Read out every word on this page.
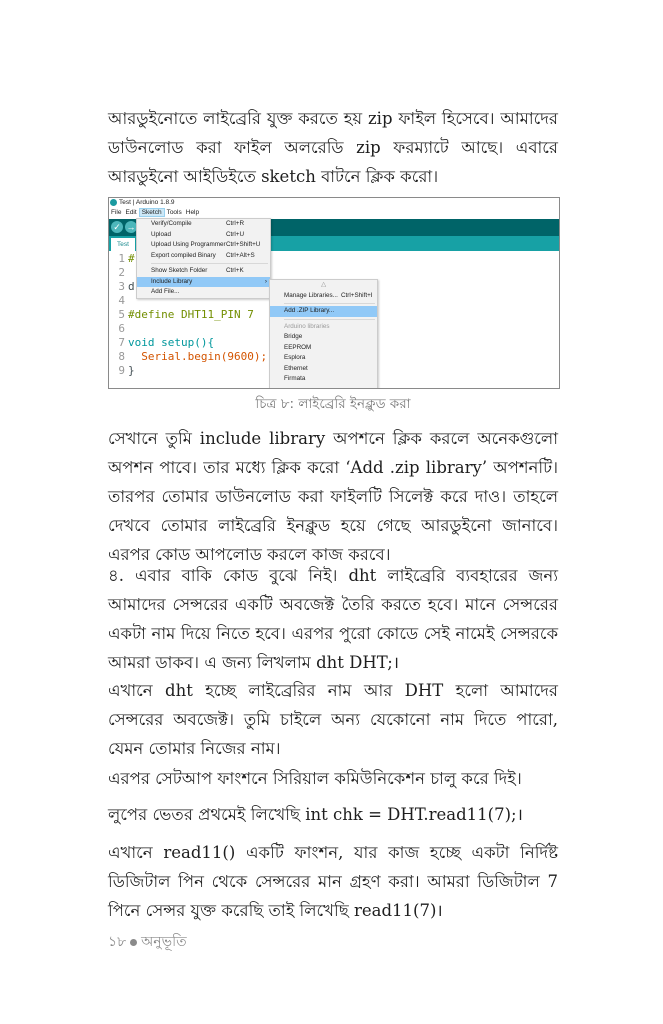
আরডুইনোতে লাইব্রেরি যুক্ত করতে হয় zip ফাইল হিসেবে। আমাদের ডাউনলোড করা ফাইল অলরেডি zip ফরম্যাটে আছে। এবারে আরডুইনো আইডিইতে sketch বাটনে ক্লিক করো।

Test | Arduino 1.8.9
File Edit Sketch Tools Help
✓ →
Test
1 #
2
3 d
4
5 #define DHT11_PIN 7
6
7 void setup(){
8  Serial.begin(9600);
9 }
Verify/Compile	Ctrl+R
Upload	Ctrl+U
Upload Using Programmer Ctrl+Shift+U
Export compiled Binary Ctrl+Alt+S
Show Sketch Folder	Ctrl+K
Include Library	›
Add File...
△
Manage Libraries... Ctrl+Shift+I
Add .ZIP Library...
Arduino libraries
Bridge
EEPROM
Esplora
Ethernet
Firmata
চিত্র ৮: লাইব্রেরি ইনক্লুড করা

সেখানে তুমি include library অপশনে ক্লিক করলে অনেকগুলো অপশন পাবে। তার মধ্যে ক্লিক করো ‘Add .zip library’ অপশনটি। তারপর তোমার ডাউনলোড করা ফাইলটি সিলেক্ট করে দাও। তাহলে দেখবে তোমার লাইব্রেরি ইনক্লুড হয়ে গেছে আরডুইনো জানাবে। এরপর কোড আপলোড করলে কাজ করবে।

৪. এবার বাকি কোড বুঝে নিই। dht লাইব্রেরি ব্যবহারের জন্য আমাদের সেন্সরের একটি অবজেক্ট তৈরি করতে হবে। মানে সেন্সরের একটা নাম দিয়ে নিতে হবে। এরপর পুরো কোডে সেই নামেই সেন্সরকে আমরা ডাকব। এ জন্য লিখলাম dht DHT;।

এখানে dht হচ্ছে লাইব্রেরির নাম আর DHT হলো আমাদের সেন্সরের অবজেক্ট। তুমি চাইলে অন্য যেকোনো নাম দিতে পারো, যেমন তোমার নিজের নাম।

এরপর সেটআপ ফাংশনে সিরিয়াল কমিউনিকেশন চালু করে দিই।

লুপের ভেতর প্রথমেই লিখেছি int chk = DHT.read11(7);।

এখানে read11() একটি ফাংশন, যার কাজ হচ্ছে একটা নির্দিষ্ট ডিজিটাল পিন থেকে সেন্সরের মান গ্রহণ করা। আমরা ডিজিটাল 7 পিনে সেন্সর যুক্ত করেছি তাই লিখেছি read11(7)।

১৮ অনুভূতি
